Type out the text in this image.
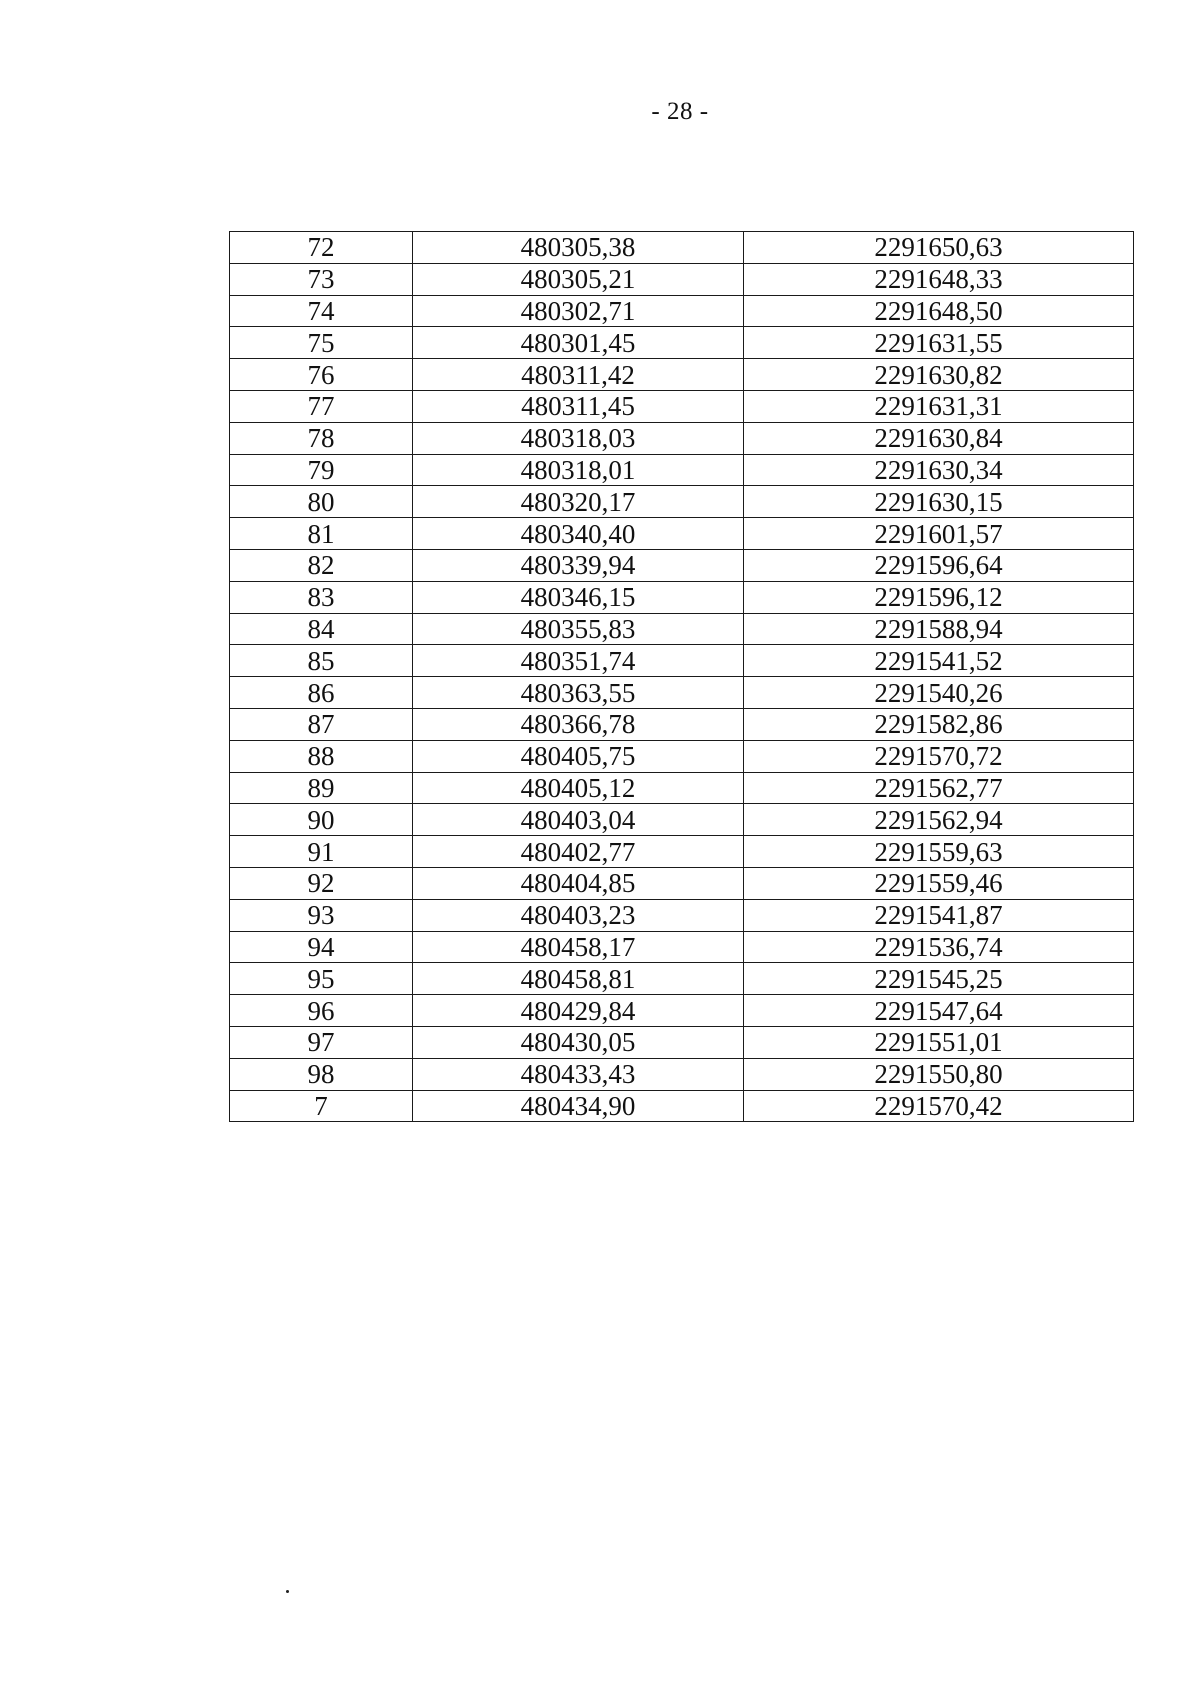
- 28 -
72	480305,38	2291650,63
73	480305,21	2291648,33
74	480302,71	2291648,50
75	480301,45	2291631,55
76	480311,42	2291630,82
77	480311,45	2291631,31
78	480318,03	2291630,84
79	480318,01	2291630,34
80	480320,17	2291630,15
81	480340,40	2291601,57
82	480339,94	2291596,64
83	480346,15	2291596,12
84	480355,83	2291588,94
85	480351,74	2291541,52
86	480363,55	2291540,26
87	480366,78	2291582,86
88	480405,75	2291570,72
89	480405,12	2291562,77
90	480403,04	2291562,94
91	480402,77	2291559,63
92	480404,85	2291559,46
93	480403,23	2291541,87
94	480458,17	2291536,74
95	480458,81	2291545,25
96	480429,84	2291547,64
97	480430,05	2291551,01
98	480433,43	2291550,80
7	480434,90	2291570,42
